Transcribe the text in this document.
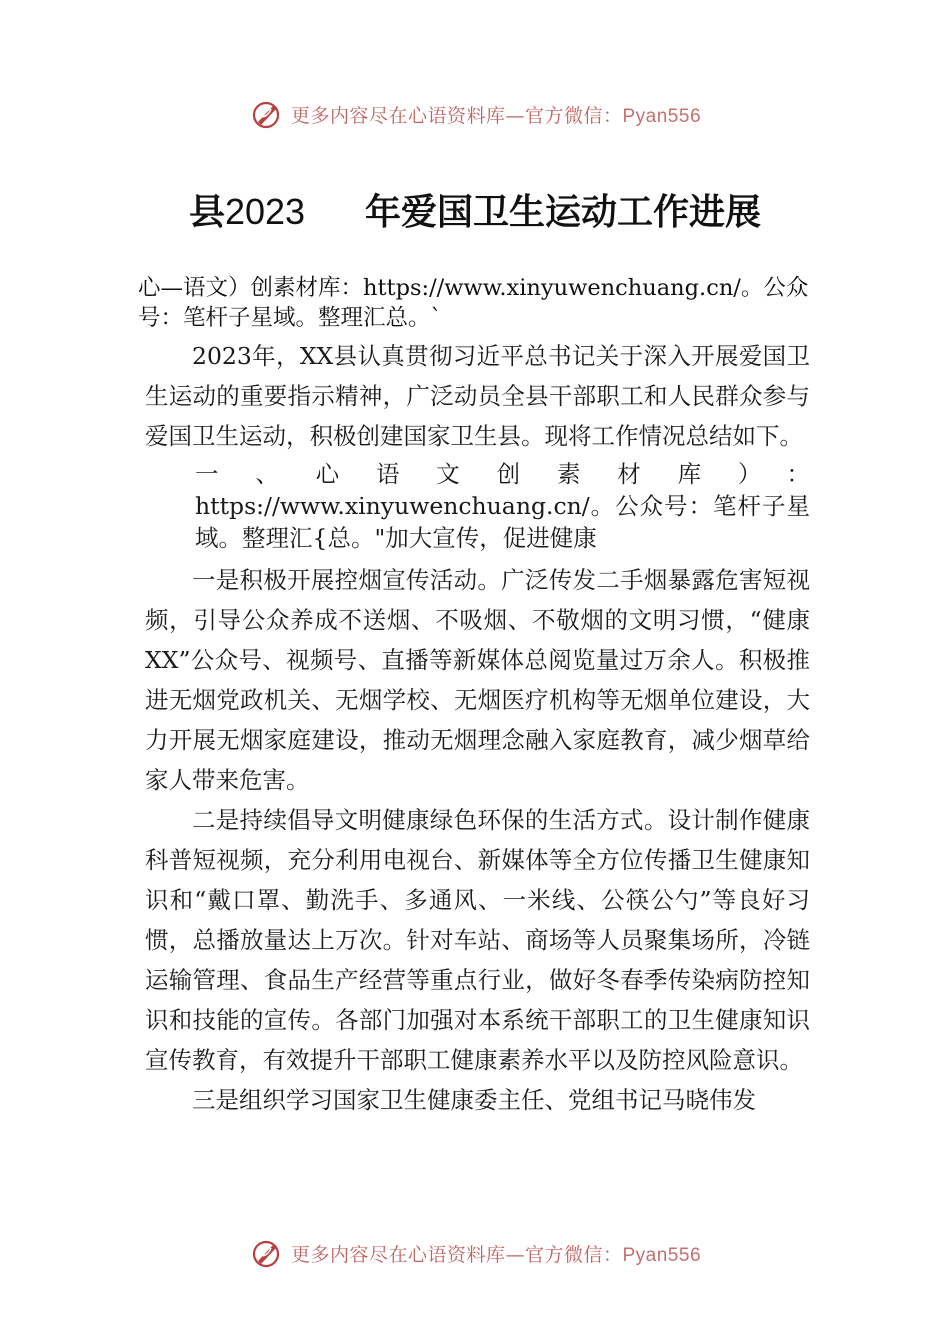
更多内容尽在心语资料库—官方微信：Pyan556
县2023 年爱国卫生运动工作进展
心—语文）创素材库：https://www.xinyuwenchuang.cn/。公众号：笔杆子星域。整理汇总。`

2023年，XX县认真贯彻习近平总书记关于深入开展爱国卫生运动的重要指示精神，广泛动员全县干部职工和人民群众参与爱国卫生运动，积极创建国家卫生县。现将工作情况总结如下。

一、心语文创素材库）：https://www.xinyuwenchuang.cn/。公众号：笔杆子星域。整理汇{总。"加大宣传，促进健康

一是积极开展控烟宣传活动。广泛传发二手烟暴露危害短视频，引导公众养成不送烟、不吸烟、不敬烟的文明习惯，“健康 XX”公众号、视频号、直播等新媒体总阅览量过万余人。积极推进无烟党政机关、无烟学校、无烟医疗机构等无烟单位建设，大力开展无烟家庭建设，推动无烟理念融入家庭教育，减少烟草给家人带来危害。

二是持续倡导文明健康绿色环保的生活方式。设计制作健康科普短视频，充分利用电视台、新媒体等全方位传播卫生健康知识和“戴口罩、勤洗手、多通风、一米线、公筷公勺”等良好习惯，总播放量达上万次。针对车站、商场等人员聚集场所，冷链运输管理、食品生产经营等重点行业，做好冬春季传染病防控知识和技能的宣传。各部门加强对本系统干部职工的卫生健康知识宣传教育，有效提升干部职工健康素养水平以及防控风险意识。

三是组织学习国家卫生健康委主任、党组书记马晓伟发

更多内容尽在心语资料库—官方微信：Pyan556
